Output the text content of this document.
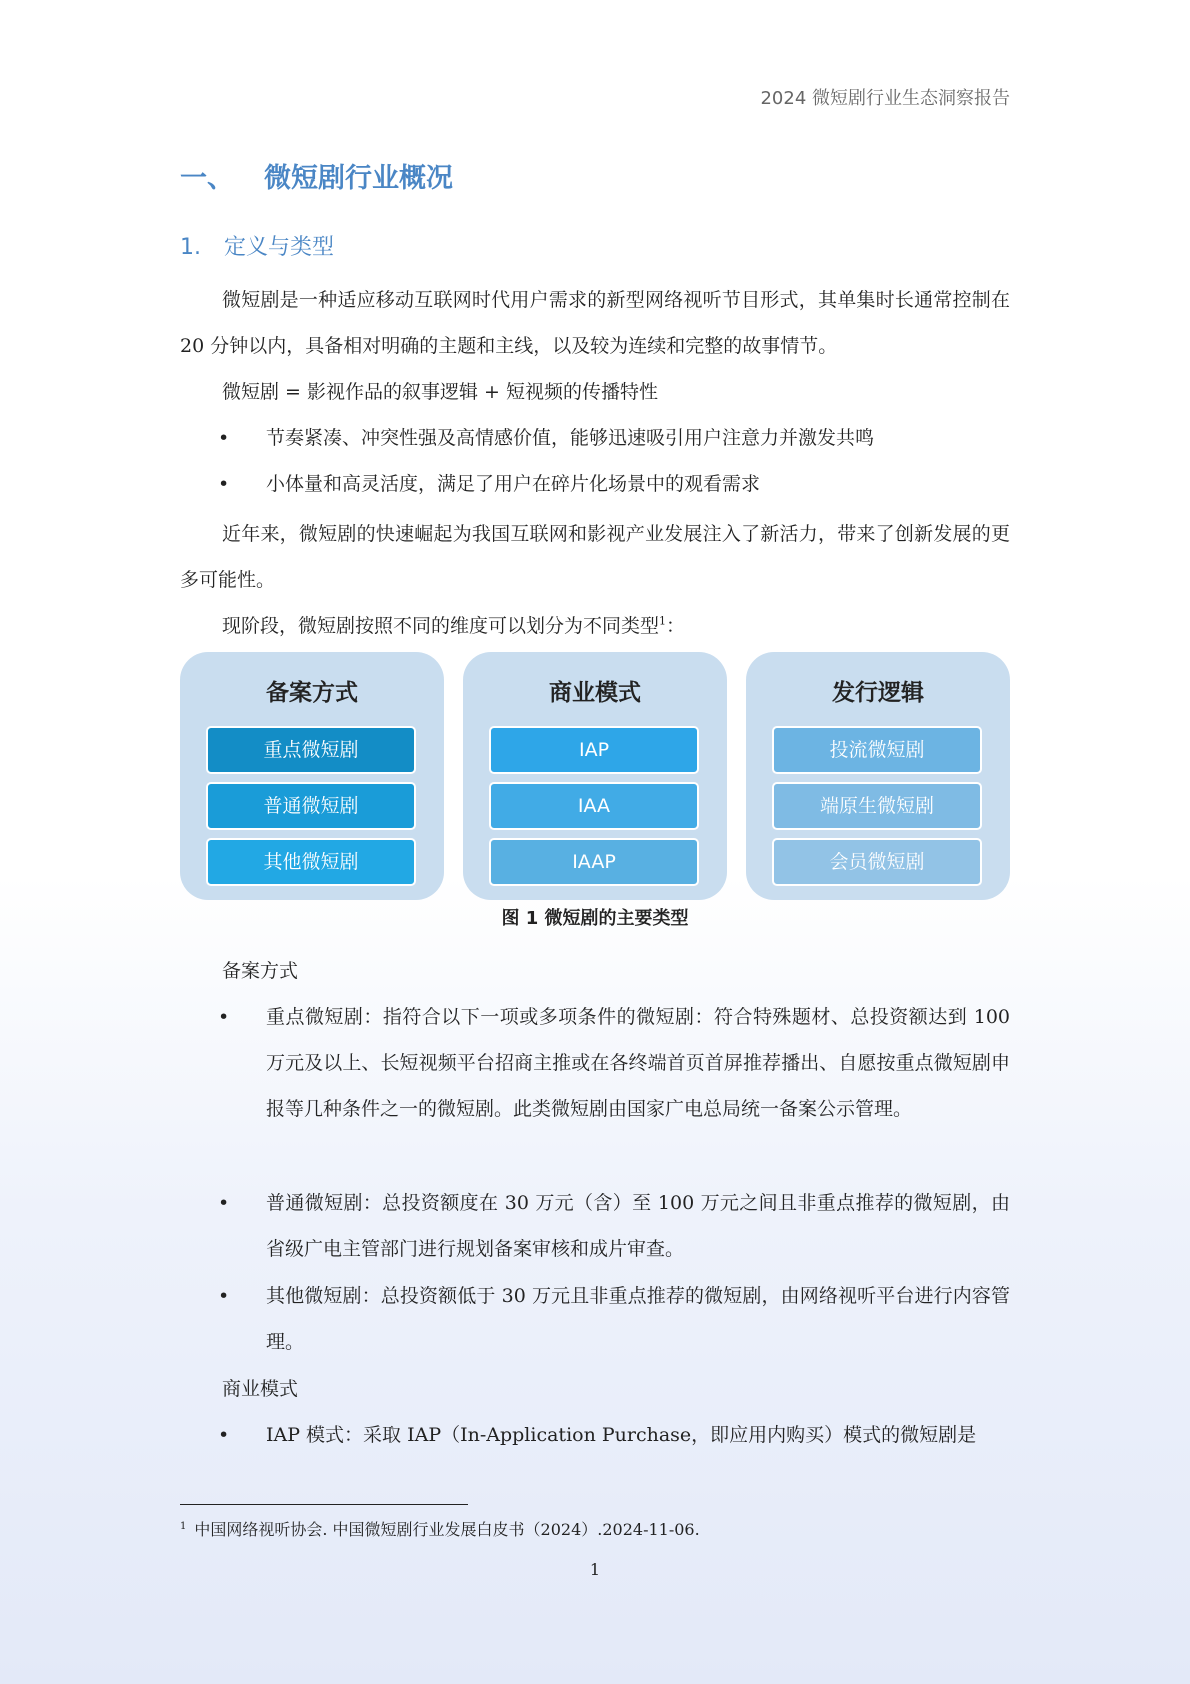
2024 微短剧行业生态洞察报告
一、 微短剧行业概况
1. 定义与类型

微短剧是一种适应移动互联网时代用户需求的新型网络视听节目形式，其单集时长通常控制在 20 分钟以内，具备相对明确的主题和主线，以及较为连续和完整的故事情节。

微短剧 = 影视作品的叙事逻辑 + 短视频的传播特性

• 节奏紧凑、冲突性强及高情感价值，能够迅速吸引用户注意力并激发共鸣
• 小体量和高灵活度，满足了用户在碎片化场景中的观看需求

近年来，微短剧的快速崛起为我国互联网和影视产业发展注入了新活力，带来了创新发展的更多可能性。

现阶段，微短剧按照不同的维度可以划分为不同类型$^1$：

备案方式
重点微短剧
普通微短剧
其他微短剧
商业模式
IAP
IAA
IAAP
发行逻辑
投流微短剧
端原生微短剧
会员微短剧
图 1 微短剧的主要类型

备案方式

• 重点微短剧：指符合以下一项或多项条件的微短剧：符合特殊题材、总投资额达到 100 万元及以上、长短视频平台招商主推或在各终端首页首屏推荐播出、自愿按重点微短剧申报等几种条件之一的微短剧。此类微短剧由国家广电总局统一备案公示管理。
• 普通微短剧：总投资额度在 30 万元（含）至 100 万元之间且非重点推荐的微短剧，由省级广电主管部门进行规划备案审核和成片审查。
• 其他微短剧：总投资额低于 30 万元且非重点推荐的微短剧，由网络视听平台进行内容管理。

商业模式

• IAP 模式：采取 IAP（In-Application Purchase，即应用内购买）模式的微短剧是
$^1$ 中国网络视听协会. 中国微短剧行业发展白皮书（2024）.2024-11-06.
1
